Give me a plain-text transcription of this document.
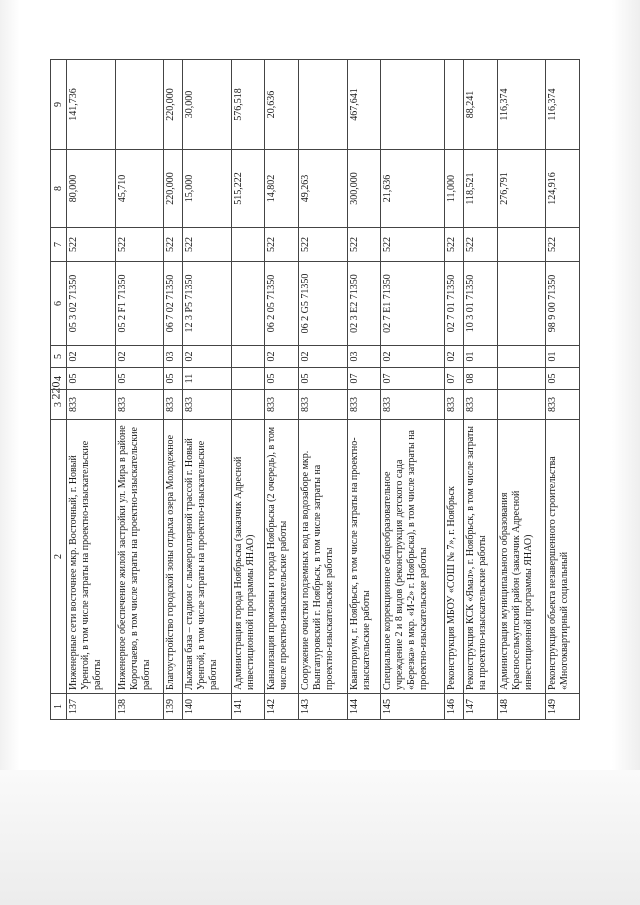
220
1	2	3	4	5	6	7	8	9
137	Инженерные сети восточнее мкр. Восточный, г. Новый Уренгой, в том числе затраты на проектно-изыскательские работы	833	05	02	05 3 02 71350	522	80,000	141,736
138	Инженерное обеспечение жилой застройки ул. Мира в районе Коротчаево, в том числе затраты на проектно-изыскательские работы	833	05	02	05 2 F1 71350	522	45,710	
139	Благоустройство городской зоны отдыха озера Молодежное	833	05	03	06 7 02 71350	522	220,000	220,000
140	Лыжная база – стадион с лыжероллерной трассой г. Новый Уренгой, в том числе затраты на проектно-изыскательские работы	833	11	02	12 3 P5 71350	522	15,000	30,000
141	Администрация города Ноябрьска (заказчик Адресной инвестиционной программы ЯНАО)						515,222	576,518
142	Канализация промзоны и города Ноябрьска (2 очередь), в том числе проектно-изыскательские работы	833	05	02	06 2 05 71350	522	14,802	20,636
143	Сооружение очистки подземных вод на водозаборе мкр. Вынгапуровский г. Ноябрьск, в том числе затраты на проектно-изыскательские работы	833	05	02	06 2 G5 71350	522	49,263	
144	Кванториум, г. Ноябрьск, в том числе затраты на проектно-изыскательские работы	833	07	03	02 3 E2 71350	522	300,000	467,641
145	Специальное коррекционное общеобразовательное учреждение 2 и 8 видов (реконструкция детского сада «Березка» в мкр. «И-2» г. Ноябрьска), в том числе затраты на проектно-изыскательские работы	833	07	02	02 7 E1 71350	522	21,636	
146	Реконструкция МБОУ «СОШ № 7», г. Ноябрьск	833	07	02	02 7 01 71350	522	11,000	
147	Реконструкция КСК «Ямал», г. Ноябрьск, в том числе затраты на проектно-изыскательские работы	833	08	01	10 3 01 71350	522	118,521	88,241
148	Администрация муниципального образования Красноселькупский район (заказчик Адресной инвестиционной программы ЯНАО)						276,791	116,374
149	Реконструкция объекта незавершенного строительства «Многоквартирный социальный	833	05	01	98 9 00 71350	522	124,916	116,374
